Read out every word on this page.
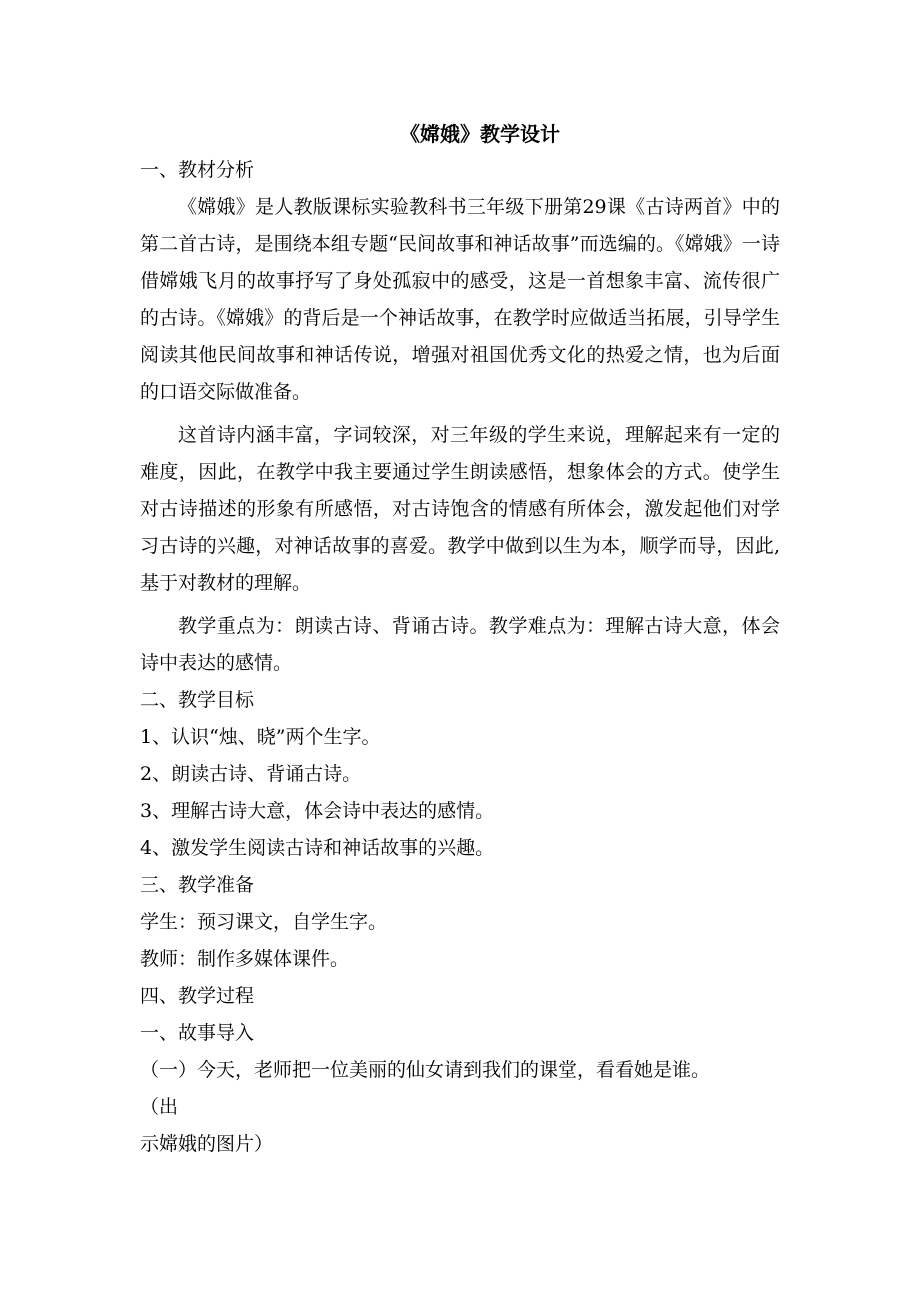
《嫦娥》教学设计

一、教材分析

《嫦娥》是人教版课标实验教科书三年级下册第29课《古诗两首》中的第二首古诗，是围绕本组专题“民间故事和神话故事”而选编的。《嫦娥》一诗借嫦娥飞月的故事抒写了身处孤寂中的感受，这是一首想象丰富、流传很广的古诗。《嫦娥》的背后是一个神话故事，在教学时应做适当拓展，引导学生阅读其他民间故事和神话传说，增强对祖国优秀文化的热爱之情，也为后面的口语交际做准备。

这首诗内涵丰富，字词较深，对三年级的学生来说，理解起来有一定的难度，因此，在教学中我主要通过学生朗读感悟，想象体会的方式。使学生对古诗描述的形象有所感悟，对古诗饱含的情感有所体会，激发起他们对学习古诗的兴趣，对神话故事的喜爱。教学中做到以生为本，顺学而导，因此,基于对教材的理解。

教学重点为：朗读古诗、背诵古诗。教学难点为：理解古诗大意，体会诗中表达的感情。

二、教学目标

1、认识“烛、晓”两个生字。

2、朗读古诗、背诵古诗。

3、理解古诗大意，体会诗中表达的感情。

4、激发学生阅读古诗和神话故事的兴趣。

三、教学准备

学生：预习课文，自学生字。

教师：制作多媒体课件。

四、教学过程

一、故事导入

（一）今天，老师把一位美丽的仙女请到我们的课堂，看看她是谁。

（出

示嫦娥的图片）
